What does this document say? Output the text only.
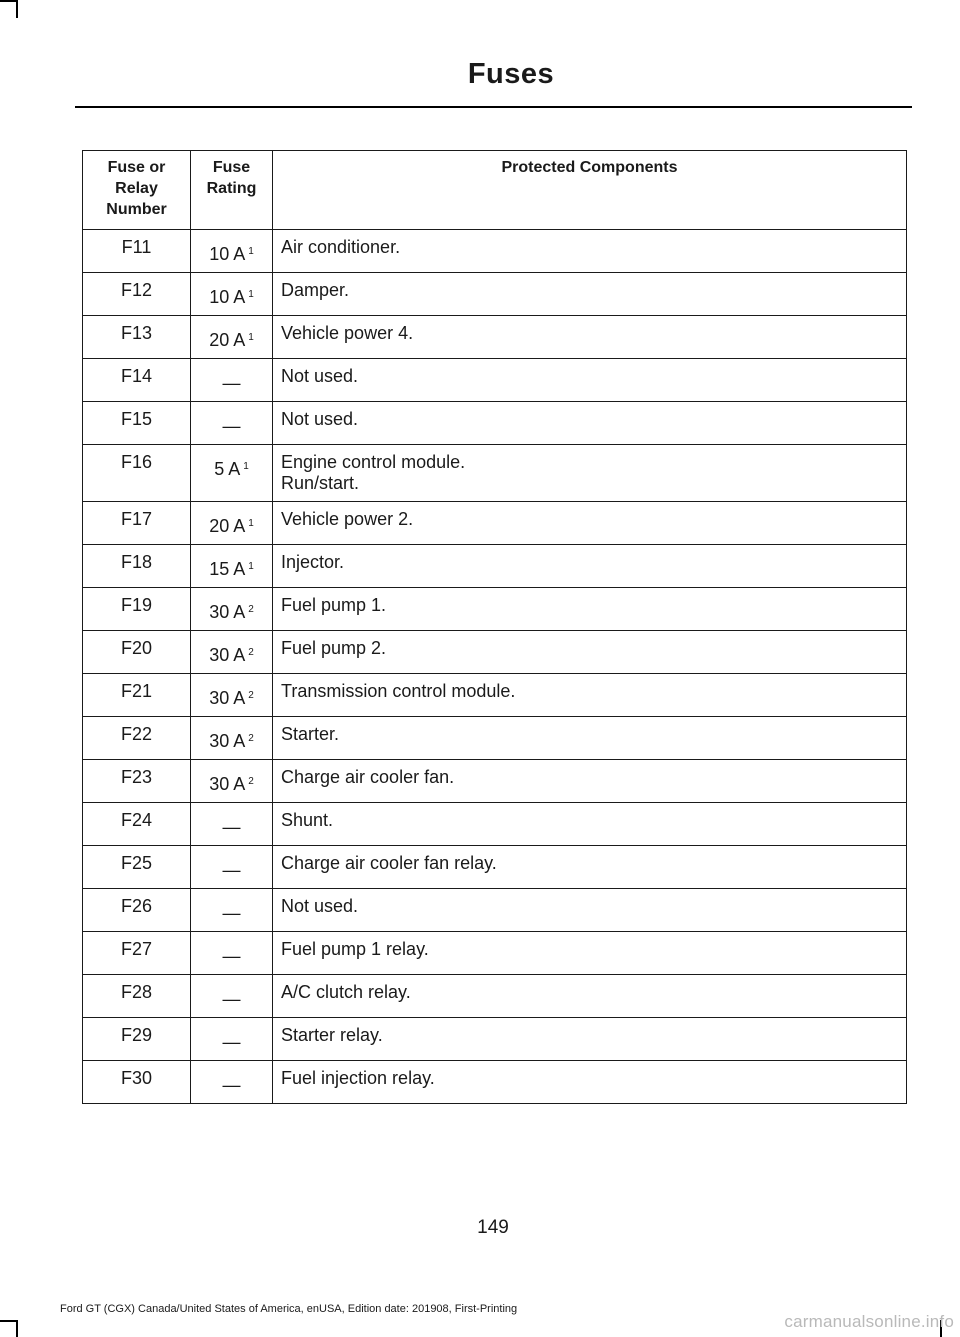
Fuses
Fuse or Relay Number	Fuse Rating	Protected Components
F11	10 A $^1$	Air conditioner.

F12	10 A $^1$	Damper.

F13	20 A $^1$	Vehicle power 4.

F14	—	Not used.

F15	—	Not used.

F16	5 A $^1$	Engine control module.
Run/start.

F17	20 A $^1$	Vehicle power 2.

F18	15 A $^1$	Injector.

F19	30 A $^2$	Fuel pump 1.

F20	30 A $^2$	Fuel pump 2.

F21	30 A $^2$	Transmission control module.

F22	30 A $^2$	Starter.

F23	30 A $^2$	Charge air cooler fan.

F24	—	Shunt.

F25	—	Charge air cooler fan relay.

F26	—	Not used.

F27	—	Fuel pump 1 relay.

F28	—	A/C clutch relay.

F29	—	Starter relay.

F30	—	Fuel injection relay.
149
Ford GT (CGX) Canada/United States of America, enUSA, Edition date: 201908, First-Printing
carmanualsonline.info
